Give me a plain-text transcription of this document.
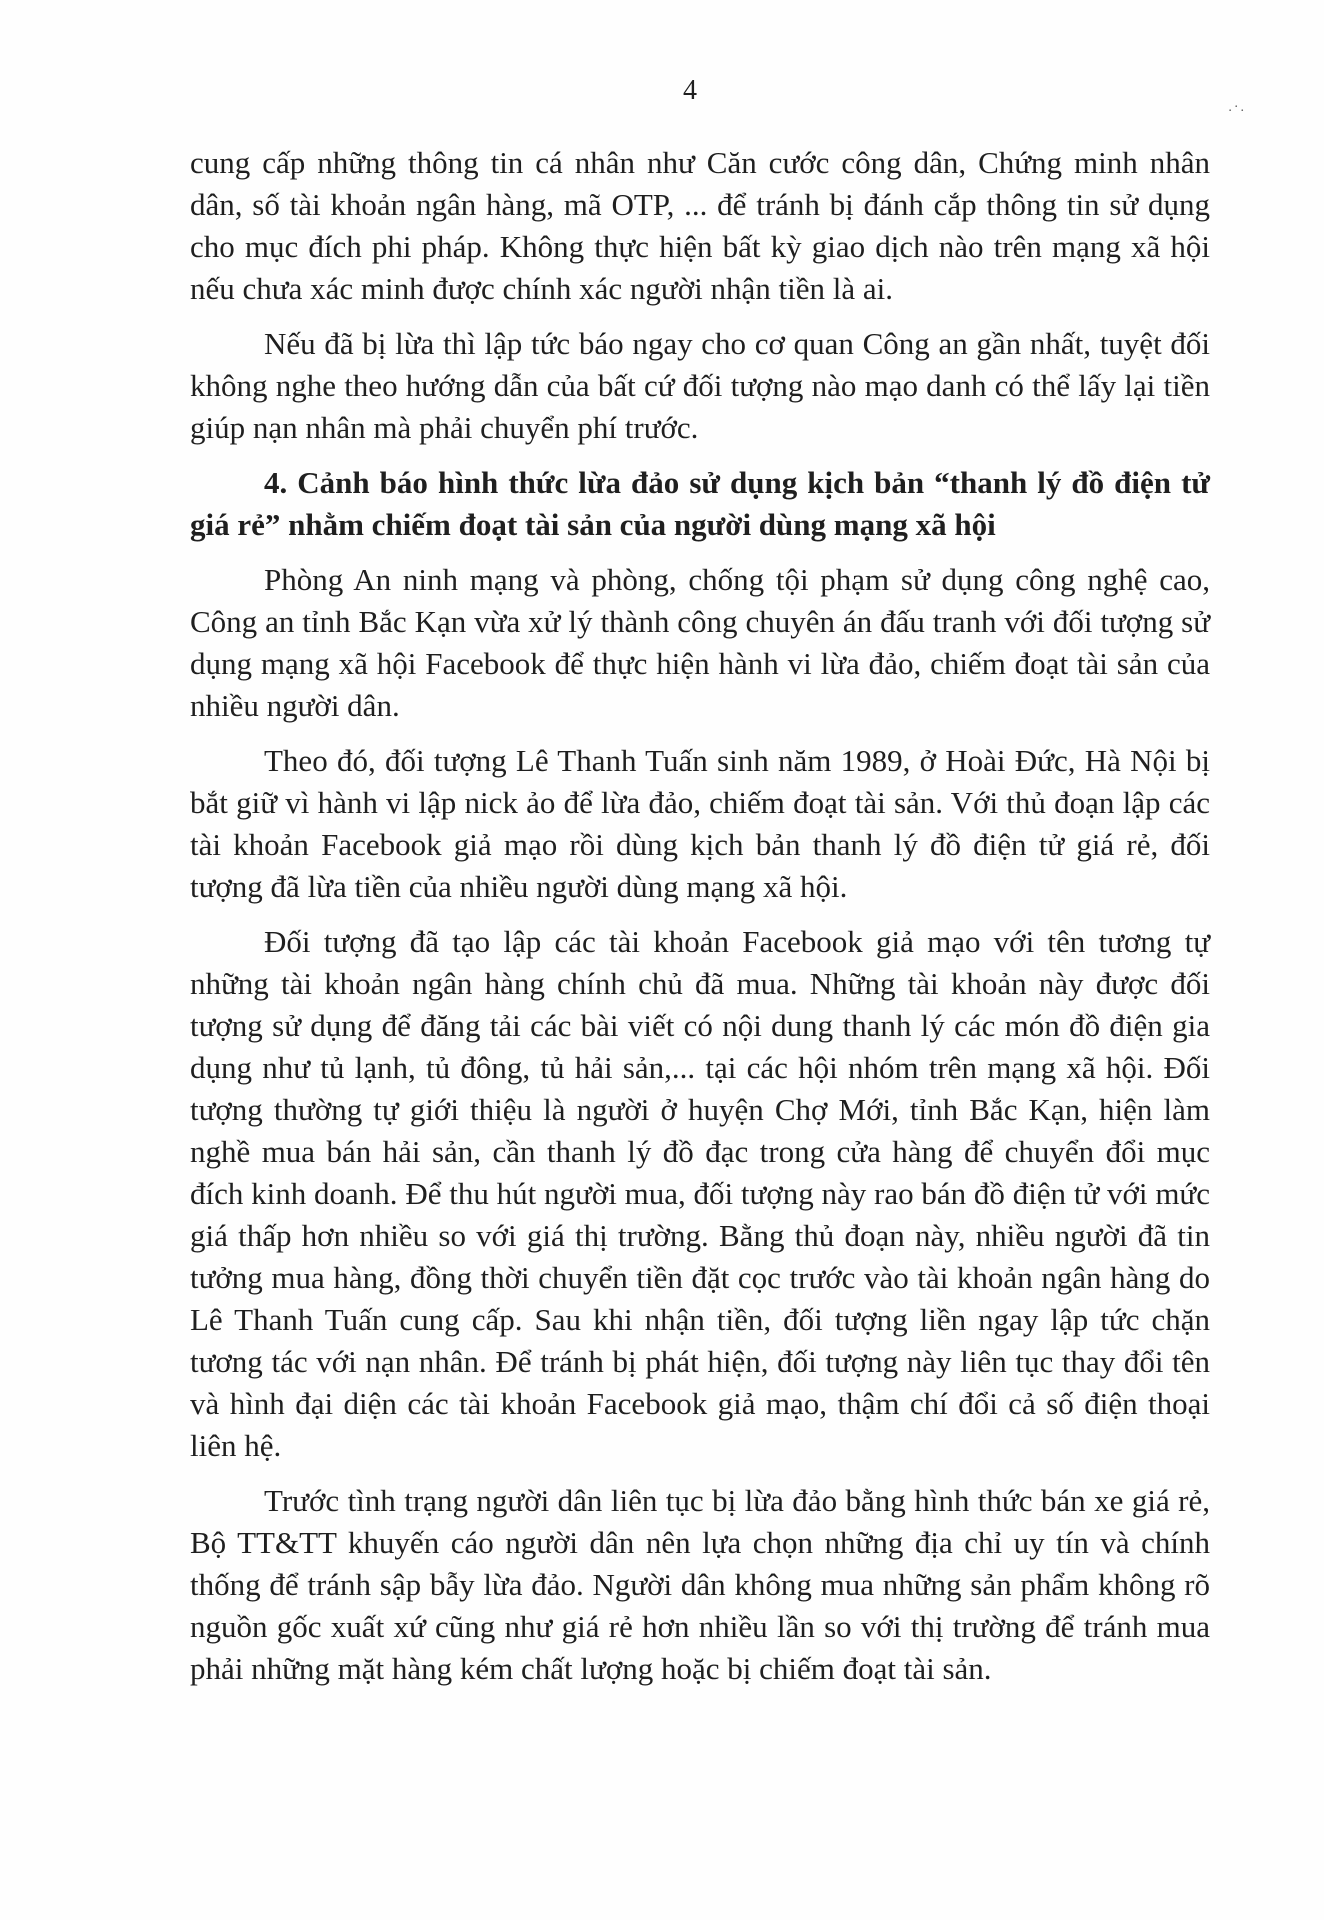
4
.·.

cung cấp những thông tin cá nhân như Căn cước công dân, Chứng minh nhân dân, số tài khoản ngân hàng, mã OTP, ... để tránh bị đánh cắp thông tin sử dụng cho mục đích phi pháp. Không thực hiện bất kỳ giao dịch nào trên mạng xã hội nếu chưa xác minh được chính xác người nhận tiền là ai.

Nếu đã bị lừa thì lập tức báo ngay cho cơ quan Công an gần nhất, tuyệt đối không nghe theo hướng dẫn của bất cứ đối tượng nào mạo danh có thể lấy lại tiền giúp nạn nhân mà phải chuyển phí trước.

4. Cảnh báo hình thức lừa đảo sử dụng kịch bản “thanh lý đồ điện tử giá rẻ” nhằm chiếm đoạt tài sản của người dùng mạng xã hội

Phòng An ninh mạng và phòng, chống tội phạm sử dụng công nghệ cao, Công an tỉnh Bắc Kạn vừa xử lý thành công chuyên án đấu tranh với đối tượng sử dụng mạng xã hội Facebook để thực hiện hành vi lừa đảo, chiếm đoạt tài sản của nhiều người dân.

Theo đó, đối tượng Lê Thanh Tuấn sinh năm 1989, ở Hoài Đức, Hà Nội bị bắt giữ vì hành vi lập nick ảo để lừa đảo, chiếm đoạt tài sản. Với thủ đoạn lập các tài khoản Facebook giả mạo rồi dùng kịch bản thanh lý đồ điện tử giá rẻ, đối tượng đã lừa tiền của nhiều người dùng mạng xã hội.

Đối tượng đã tạo lập các tài khoản Facebook giả mạo với tên tương tự những tài khoản ngân hàng chính chủ đã mua. Những tài khoản này được đối tượng sử dụng để đăng tải các bài viết có nội dung thanh lý các món đồ điện gia dụng như tủ lạnh, tủ đông, tủ hải sản,... tại các hội nhóm trên mạng xã hội. Đối tượng thường tự giới thiệu là người ở huyện Chợ Mới, tỉnh Bắc Kạn, hiện làm nghề mua bán hải sản, cần thanh lý đồ đạc trong cửa hàng để chuyển đổi mục đích kinh doanh. Để thu hút người mua, đối tượng này rao bán đồ điện tử với mức giá thấp hơn nhiều so với giá thị trường. Bằng thủ đoạn này, nhiều người đã tin tưởng mua hàng, đồng thời chuyển tiền đặt cọc trước vào tài khoản ngân hàng do Lê Thanh Tuấn cung cấp. Sau khi nhận tiền, đối tượng liền ngay lập tức chặn tương tác với nạn nhân. Để tránh bị phát hiện, đối tượng này liên tục thay đổi tên và hình đại diện các tài khoản Facebook giả mạo, thậm chí đổi cả số điện thoại liên hệ.

Trước tình trạng người dân liên tục bị lừa đảo bằng hình thức bán xe giá rẻ, Bộ TT&TT khuyến cáo người dân nên lựa chọn những địa chỉ uy tín và chính thống để tránh sập bẫy lừa đảo. Người dân không mua những sản phẩm không rõ nguồn gốc xuất xứ cũng như giá rẻ hơn nhiều lần so với thị trường để tránh mua phải những mặt hàng kém chất lượng hoặc bị chiếm đoạt tài sản.
